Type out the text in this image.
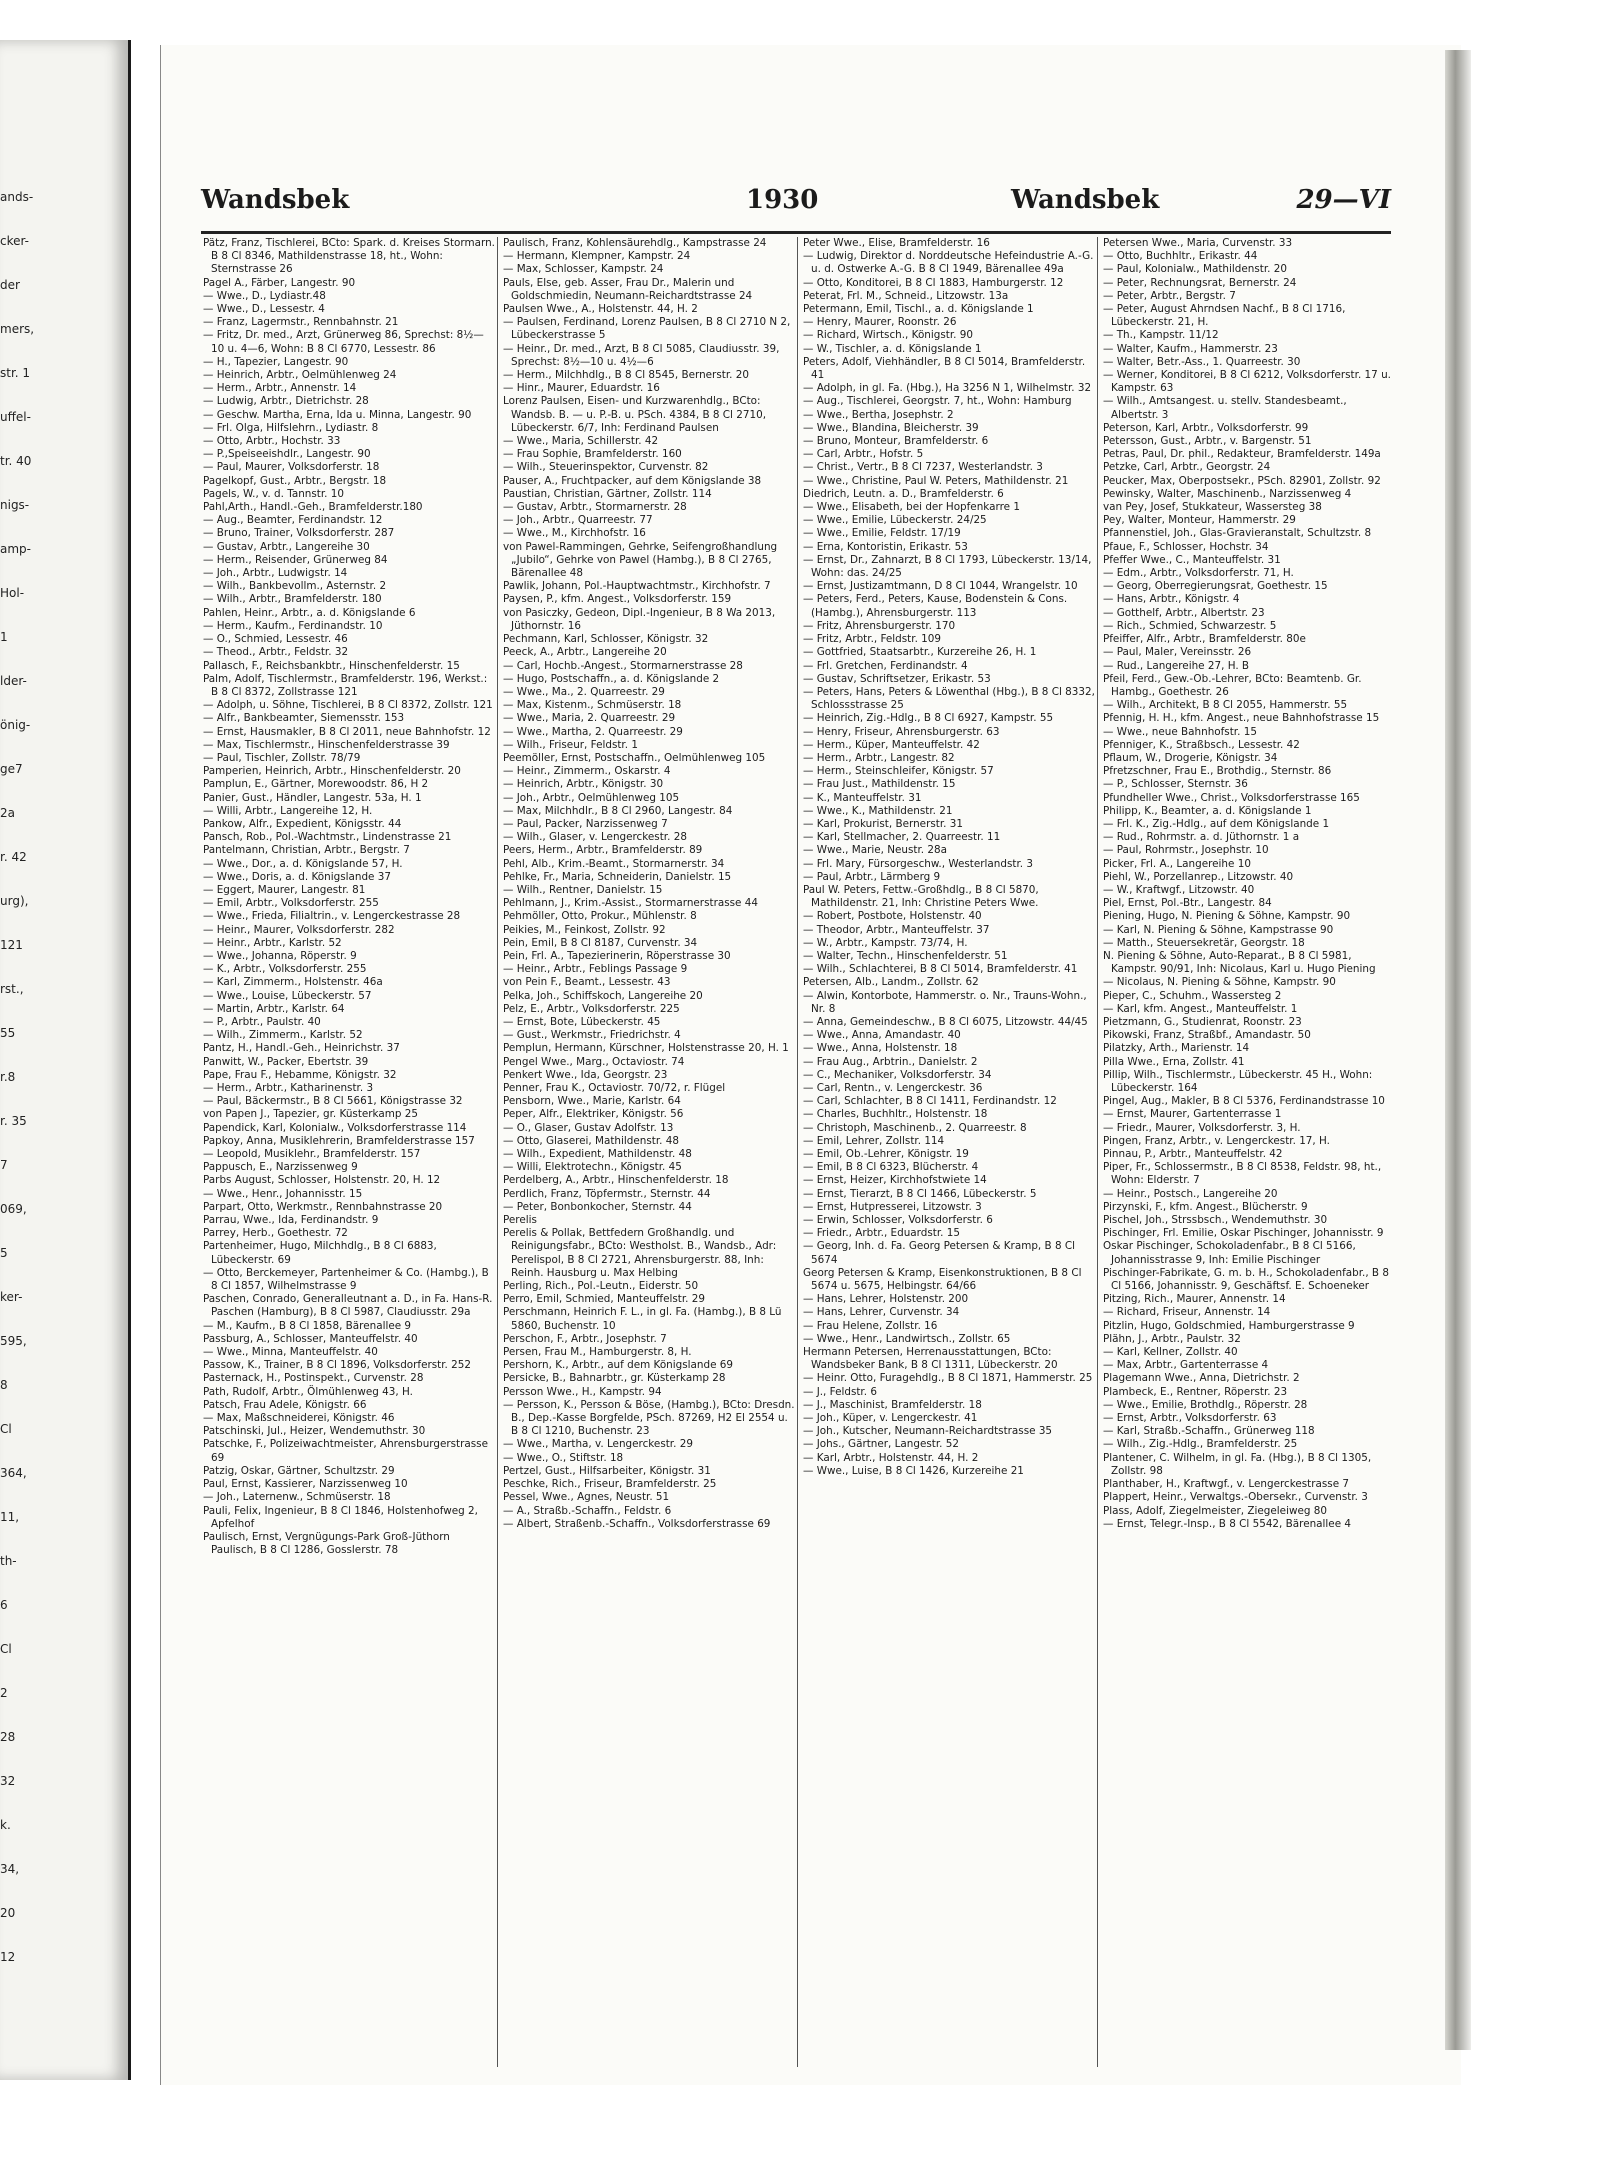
ands-
cker-
der
mers,
str. 1
uffel-
tr. 40
nigs-
amp-
Hol-
1
lder-
önig-
ge7
2a
r. 42
urg),
121
rst.,
55
r.8
r. 35
7
069,
5
ker-
595,
8
Cl
364,
11,
th-
6
Cl
2
28
32
k.
34,
20
12
Wandsbek	1930	Wandsbek	29—VI

Pätz, Franz, Tischlerei, BCto: Spark. d. Kreises Stormarn. B 8 Cl 8346, Mathildenstrasse 18, ht., Wohn: Sternstrasse 26

Pagel A., Färber, Langestr. 90

— Wwe., D., Lydiastr.48

— Wwe., D., Lessestr. 4

— Franz, Lagermstr., Rennbahnstr. 21

— Fritz, Dr. med., Arzt, Grünerweg 86, Sprechst: 8½—10 u. 4—6, Wohn: B 8 Cl 6770, Lessestr. 86

— H., Tapezier, Langestr. 90

— Heinrich, Arbtr., Oelmühlenweg 24

— Herm., Arbtr., Annenstr. 14

— Ludwig, Arbtr., Dietrichstr. 28

— Geschw. Martha, Erna, Ida u. Minna, Langestr. 90

— Frl. Olga, Hilfslehrn., Lydiastr. 8

— Otto, Arbtr., Hochstr. 33

— P.,Speiseeishdlr., Langestr. 90

— Paul, Maurer, Volksdorferstr. 18

Pagelkopf, Gust., Arbtr., Bergstr. 18

Pagels, W., v. d. Tannstr. 10

Pahl,Arth., Handl.-Geh., Bramfelderstr.180

— Aug., Beamter, Ferdinandstr. 12

— Bruno, Trainer, Volksdorferstr. 287

— Gustav, Arbtr., Langereihe 30

— Herm., Reisender, Grünerweg 84

— Joh., Arbtr., Ludwigstr. 14

— Wilh., Bankbevollm., Asternstr. 2

— Wilh., Arbtr., Bramfelderstr. 180

Pahlen, Heinr., Arbtr., a. d. Königslande 6

— Herm., Kaufm., Ferdinandstr. 10

— O., Schmied, Lessestr. 46

— Theod., Arbtr., Feldstr. 32

Pallasch, F., Reichsbankbtr., Hinschenfelderstr. 15

Palm, Adolf, Tischlermstr., Bramfelderstr. 196, Werkst.: B 8 Cl 8372, Zollstrasse 121

— Adolph, u. Söhne, Tischlerei, B 8 Cl 8372, Zollstr. 121

— Alfr., Bankbeamter, Siemensstr. 153

— Ernst, Hausmakler, B 8 Cl 2011, neue Bahnhofstr. 12

— Max, Tischlermstr., Hinschenfelderstrasse 39

— Paul, Tischler, Zollstr. 78/79

Pamperien, Heinrich, Arbtr., Hinschenfelderstr. 20

Pamplun, E., Gärtner, Morewoodstr. 86, H 2

Panier, Gust., Händler, Langestr. 53a, H. 1

— Willi, Arbtr., Langereihe 12, H.

Pankow, Alfr., Expedient, Königsstr. 44

Pansch, Rob., Pol.-Wachtmstr., Lindenstrasse 21

Pantelmann, Christian, Arbtr., Bergstr. 7

— Wwe., Dor., a. d. Königslande 57, H.

— Wwe., Doris, a. d. Königslande 37

— Eggert, Maurer, Langestr. 81

— Emil, Arbtr., Volksdorferstr. 255

— Wwe., Frieda, Filialtrin., v. Lengerckestrasse 28

— Heinr., Maurer, Volksdorferstr. 282

— Heinr., Arbtr., Karlstr. 52

— Wwe., Johanna, Röperstr. 9

— K., Arbtr., Volksdorferstr. 255

— Karl, Zimmerm., Holstenstr. 46a

— Wwe., Louise, Lübeckerstr. 57

— Martin, Arbtr., Karlstr. 64

— P., Arbtr., Paulstr. 40

— Wilh., Zimmerm., Karlstr. 52

Pantz, H., Handl.-Geh., Heinrichstr. 37

Panwitt, W., Packer, Ebertstr. 39

Pape, Frau F., Hebamme, Königstr. 32

— Herm., Arbtr., Katharinenstr. 3

— Paul, Bäckermstr., B 8 Cl 5661, Königstrasse 32

von Papen J., Tapezier, gr. Küsterkamp 25

Papendick, Karl, Kolonialw., Volksdorferstrasse 114

Papkoy, Anna, Musiklehrerin, Bramfelderstrasse 157

— Leopold, Musiklehr., Bramfelderstr. 157

Pappusch, E., Narzissenweg 9

Parbs August, Schlosser, Holstenstr. 20, H. 12

— Wwe., Henr., Johannisstr. 15

Parpart, Otto, Werkmstr., Rennbahnstrasse 20

Parrau, Wwe., Ida, Ferdinandstr. 9

Parrey, Herb., Goethestr. 72

Partenheimer, Hugo, Milchhdlg., B 8 Cl 6883, Lübeckerstr. 69

— Otto, Berckemeyer, Partenheimer & Co. (Hambg.), B 8 Cl 1857, Wilhelmstrasse 9

Paschen, Conrado, Generalleutnant a. D., in Fa. Hans-R. Paschen (Hamburg), B 8 Cl 5987, Claudiusstr. 29a

— M., Kaufm., B 8 Cl 1858, Bärenallee 9

Passburg, A., Schlosser, Manteuffelstr. 40

— Wwe., Minna, Manteuffelstr. 40

Passow, K., Trainer, B 8 Cl 1896, Volksdorferstr. 252

Pasternack, H., Postinspekt., Curvenstr. 28

Path, Rudolf, Arbtr., Ölmühlenweg 43, H.

Patsch, Frau Adele, Königstr. 66

— Max, Maßschneiderei, Königstr. 46

Patschinski, Jul., Heizer, Wendemuthstr. 30

Patschke, F., Polizeiwachtmeister, Ahrensburgerstrasse 69

Patzig, Oskar, Gärtner, Schultzstr. 29

Paul, Ernst, Kassierer, Narzissenweg 10

— Joh., Laternenw., Schmüserstr. 18

Pauli, Felix, Ingenieur, B 8 Cl 1846, Holstenhofweg 2, Apfelhof

Paulisch, Ernst, Vergnügungs-Park Groß-Jüthorn Paulisch, B 8 Cl 1286, Gosslerstr. 78

Paulisch, Franz, Kohlensäurehdlg., Kampstrasse 24

— Hermann, Klempner, Kampstr. 24

— Max, Schlosser, Kampstr. 24

Pauls, Else, geb. Asser, Frau Dr., Malerin und Goldschmiedin, Neumann-Reichardtstrasse 24

Paulsen Wwe., A., Holstenstr. 44, H. 2

— Paulsen, Ferdinand, Lorenz Paulsen, B 8 Cl 2710 N 2, Lübeckerstrasse 5

— Heinr., Dr. med., Arzt, B 8 Cl 5085, Claudiusstr. 39, Sprechst: 8½—10 u. 4½—6

— Herm., Milchhdlg., B 8 Cl 8545, Bernerstr. 20

— Hinr., Maurer, Eduardstr. 16

Lorenz Paulsen, Eisen- und Kurzwarenhdlg., BCto: Wandsb. B. — u. P.-B. u. PSch. 4384, B 8 Cl 2710, Lübeckerstr. 6/7, Inh: Ferdinand Paulsen

— Wwe., Maria, Schillerstr. 42

— Frau Sophie, Bramfelderstr. 160

— Wilh., Steuerinspektor, Curvenstr. 82

Pauser, A., Fruchtpacker, auf dem Königslande 38

Paustian, Christian, Gärtner, Zollstr. 114

— Gustav, Arbtr., Stormarnerstr. 28

— Joh., Arbtr., Quarreestr. 77

— Wwe., M., Kirchhofstr. 16

von Pawel-Rammingen, Gehrke, Seifengroßhandlung „Jubilo“, Gehrke von Pawel (Hambg.), B 8 Cl 2765, Bärenallee 48

Pawlik, Johann, Pol.-Hauptwachtmstr., Kirchhofstr. 7

Paysen, P., kfm. Angest., Volksdorferstr. 159

von Pasiczky, Gedeon, Dipl.-Ingenieur, B 8 Wa 2013, Jüthornstr. 16

Pechmann, Karl, Schlosser, Königstr. 32

Peeck, A., Arbtr., Langereihe 20

— Carl, Hochb.-Angest., Stormarnerstrasse 28

— Hugo, Postschaffn., a. d. Königslande 2

— Wwe., Ma., 2. Quarreestr. 29

— Max, Kistenm., Schmüserstr. 18

— Wwe., Maria, 2. Quarreestr. 29

— Wwe., Martha, 2. Quarreestr. 29

— Wilh., Friseur, Feldstr. 1

Peemöller, Ernst, Postschaffn., Oelmühlenweg 105

— Heinr., Zimmerm., Oskarstr. 4

— Heinrich, Arbtr., Königstr. 30

— Joh., Arbtr., Oelmühlenweg 105

— Max, Milchhdlr., B 8 Cl 2960, Langestr. 84

— Paul, Packer, Narzissenweg 7

— Wilh., Glaser, v. Lengerckestr. 28

Peers, Herm., Arbtr., Bramfelderstr. 89

Pehl, Alb., Krim.-Beamt., Stormarnerstr. 34

Pehlke, Fr., Maria, Schneiderin, Danielstr. 15

— Wilh., Rentner, Danielstr. 15

Pehlmann, J., Krim.-Assist., Stormarnerstrasse 44

Pehmöller, Otto, Prokur., Mühlenstr. 8

Peikies, M., Feinkost, Zollstr. 92

Pein, Emil, B 8 Cl 8187, Curvenstr. 34

Pein, Frl. A., Tapezierinerin, Röperstrasse 30

— Heinr., Arbtr., Feblings Passage 9

von Pein F., Beamt., Lessestr. 43

Pelka, Joh., Schiffskoch, Langereihe 20

Pelz, E., Arbtr., Volksdorferstr. 225

— Ernst, Bote, Lübeckerstr. 45

— Gust., Werkmstr., Friedrichstr. 4

Pemplun, Hermann, Kürschner, Holstenstrasse 20, H. 1

Pengel Wwe., Marg., Octaviostr. 74

Penkert Wwe., Ida, Georgstr. 23

Penner, Frau K., Octaviostr. 70/72, r. Flügel

Pensborn, Wwe., Marie, Karlstr. 64

Peper, Alfr., Elektriker, Königstr. 56

— O., Glaser, Gustav Adolfstr. 13

— Otto, Glaserei, Mathildenstr. 48

— Wilh., Expedient, Mathildenstr. 48

— Willi, Elektrotechn., Königstr. 45

Perdelberg, A., Arbtr., Hinschenfelderstr. 18

Perdlich, Franz, Töpfermstr., Sternstr. 44

— Peter, Bonbonkocher, Sternstr. 44

Perelis

Perelis & Pollak, Bettfedern Großhandlg. und Reinigungsfabr., BCto: Westholst. B., Wandsb., Adr: Perelispol, B 8 Cl 2721, Ahrensburgerstr. 88, Inh: Reinh. Hausburg u. Max Helbing

Perling, Rich., Pol.-Leutn., Eiderstr. 50

Perro, Emil, Schmied, Manteuffelstr. 29

Perschmann, Heinrich F. L., in gl. Fa. (Hambg.), B 8 Lü 5860, Buchenstr. 10

Perschon, F., Arbtr., Josephstr. 7

Persen, Frau M., Hamburgerstr. 8, H.

Pershorn, K., Arbtr., auf dem Königslande 69

Persicke, B., Bahnarbtr., gr. Küsterkamp 28

Persson Wwe., H., Kampstr. 94

— Persson, K., Persson & Böse, (Hambg.), BCto: Dresdn. B., Dep.-Kasse Borgfelde, PSch. 87269, H2 El 2554 u. B 8 Cl 1210, Buchenstr. 23

— Wwe., Martha, v. Lengerckestr. 29

— Wwe., O., Stiftstr. 18

Pertzel, Gust., Hilfsarbeiter, Königstr. 31

Peschke, Rich., Friseur, Bramfelderstr. 25

Pessel, Wwe., Agnes, Neustr. 51

— A., Straßb.-Schaffn., Feldstr. 6

— Albert, Straßenb.-Schaffn., Volksdorferstrasse 69

Peter Wwe., Elise, Bramfelderstr. 16

— Ludwig, Direktor d. Norddeutsche Hefeindustrie A.-G. u. d. Ostwerke A.-G. B 8 Cl 1949, Bärenallee 49a

— Otto, Konditorei, B 8 Cl 1883, Hamburgerstr. 12

Peterat, Frl. M., Schneid., Litzowstr. 13a

Petermann, Emil, Tischl., a. d. Königslande 1

— Henry, Maurer, Roonstr. 26

— Richard, Wirtsch., Königstr. 90

— W., Tischler, a. d. Königslande 1

Peters, Adolf, Viehhändler, B 8 Cl 5014, Bramfelderstr. 41

— Adolph, in gl. Fa. (Hbg.), Ha 3256 N 1, Wilhelmstr. 32

— Aug., Tischlerei, Georgstr. 7, ht., Wohn: Hamburg

— Wwe., Bertha, Josephstr. 2

— Wwe., Blandina, Bleicherstr. 39

— Bruno, Monteur, Bramfelderstr. 6

— Carl, Arbtr., Hofstr. 5

— Christ., Vertr., B 8 Cl 7237, Westerlandstr. 3

— Wwe., Christine, Paul W. Peters, Mathildenstr. 21

Diedrich, Leutn. a. D., Bramfelderstr. 6

— Wwe., Elisabeth, bei der Hopfenkarre 1

— Wwe., Emilie, Lübeckerstr. 24/25

— Wwe., Emilie, Feldstr. 17/19

— Erna, Kontoristin, Erikastr. 53

— Ernst, Dr., Zahnarzt, B 8 Cl 1793, Lübeckerstr. 13/14, Wohn: das. 24/25

— Ernst, Justizamtmann, D 8 Cl 1044, Wrangelstr. 10

— Peters, Ferd., Peters, Kause, Bodenstein & Cons. (Hambg.), Ahrensburgerstr. 113

— Fritz, Ahrensburgerstr. 170

— Fritz, Arbtr., Feldstr. 109

— Gottfried, Staatsarbtr., Kurzereihe 26, H. 1

— Frl. Gretchen, Ferdinandstr. 4

— Gustav, Schriftsetzer, Erikastr. 53

— Peters, Hans, Peters & Löwenthal (Hbg.), B 8 Cl 8332, Schlossstrasse 25

— Heinrich, Zig.-Hdlg., B 8 Cl 6927, Kampstr. 55

— Henry, Friseur, Ahrensburgerstr. 63

— Herm., Küper, Manteuffelstr. 42

— Herm., Arbtr., Langestr. 82

— Herm., Steinschleifer, Königstr. 57

— Frau Just., Mathildenstr. 15

— K., Manteuffelstr. 31

— Wwe., K., Mathildenstr. 21

— Karl, Prokurist, Bernerstr. 31

— Karl, Stellmacher, 2. Quarreestr. 11

— Wwe., Marie, Neustr. 28a

— Frl. Mary, Fürsorgeschw., Westerlandstr. 3

— Paul, Arbtr., Lärmberg 9

Paul W. Peters, Fettw.-Großhdlg., B 8 Cl 5870, Mathildenstr. 21, Inh: Christine Peters Wwe.

— Robert, Postbote, Holstenstr. 40

— Theodor, Arbtr., Manteuffelstr. 37

— W., Arbtr., Kampstr. 73/74, H.

— Walter, Techn., Hinschenfelderstr. 51

— Wilh., Schlachterei, B 8 Cl 5014, Bramfelderstr. 41

Petersen, Alb., Landm., Zollstr. 62

— Alwin, Kontorbote, Hammerstr. o. Nr., Trauns-Wohn., Nr. 8

— Anna, Gemeindeschw., B 8 Cl 6075, Litzowstr. 44/45

— Wwe., Anna, Amandastr. 40

— Wwe., Anna, Holstenstr. 18

— Frau Aug., Arbtrin., Danielstr. 2

— C., Mechaniker, Volksdorferstr. 34

— Carl, Rentn., v. Lengerckestr. 36

— Carl, Schlachter, B 8 Cl 1411, Ferdinandstr. 12

— Charles, Buchhltr., Holstenstr. 18

— Christoph, Maschinenb., 2. Quarreestr. 8

— Emil, Lehrer, Zollstr. 114

— Emil, Ob.-Lehrer, Königstr. 19

— Emil, B 8 Cl 6323, Blücherstr. 4

— Ernst, Heizer, Kirchhofstwiete 14

— Ernst, Tierarzt, B 8 Cl 1466, Lübeckerstr. 5

— Ernst, Hutpresserei, Litzowstr. 3

— Erwin, Schlosser, Volksdorferstr. 6

— Friedr., Arbtr., Eduardstr. 15

— Georg, Inh. d. Fa. Georg Petersen & Kramp, B 8 Cl 5674

Georg Petersen & Kramp, Eisenkonstruktionen, B 8 Cl 5674 u. 5675, Helbingstr. 64/66

— Hans, Lehrer, Holstenstr. 200

— Hans, Lehrer, Curvenstr. 34

— Frau Helene, Zollstr. 16

— Wwe., Henr., Landwirtsch., Zollstr. 65

Hermann Petersen, Herrenausstattungen, BCto: Wandsbeker Bank, B 8 Cl 1311, Lübeckerstr. 20

— Heinr. Otto, Furagehdlg., B 8 Cl 1871, Hammerstr. 25

— J., Feldstr. 6

— J., Maschinist, Bramfelderstr. 18

— Joh., Küper, v. Lengerckestr. 41

— Joh., Kutscher, Neumann-Reichardtstrasse 35

— Johs., Gärtner, Langestr. 52

— Karl, Arbtr., Holstenstr. 44, H. 2

— Wwe., Luise, B 8 Cl 1426, Kurzereihe 21

Petersen Wwe., Maria, Curvenstr. 33

— Otto, Buchhltr., Erikastr. 44

— Paul, Kolonialw., Mathildenstr. 20

— Peter, Rechnungsrat, Bernerstr. 24

— Peter, Arbtr., Bergstr. 7

— Peter, August Ahrndsen Nachf., B 8 Cl 1716, Lübeckerstr. 21, H.

— Th., Kampstr. 11/12

— Walter, Kaufm., Hammerstr. 23

— Walter, Betr.-Ass., 1. Quarreestr. 30

— Werner, Konditorei, B 8 Cl 6212, Volksdorferstr. 17 u. Kampstr. 63

— Wilh., Amtsangest. u. stellv. Standesbeamt., Albertstr. 3

Peterson, Karl, Arbtr., Volksdorferstr. 99

Petersson, Gust., Arbtr., v. Bargenstr. 51

Petras, Paul, Dr. phil., Redakteur, Bramfelderstr. 149a

Petzke, Carl, Arbtr., Georgstr. 24

Peucker, Max, Oberpostsekr., PSch. 82901, Zollstr. 92

Pewinsky, Walter, Maschinenb., Narzissenweg 4

van Pey, Josef, Stukkateur, Wassersteg 38

Pey, Walter, Monteur, Hammerstr. 29

Pfannenstiel, Joh., Glas-Gravieranstalt, Schultzstr. 8

Pfaue, F., Schlosser, Hochstr. 34

Pfeffer Wwe., C., Manteuffelstr. 31

— Edm., Arbtr., Volksdorferstr. 71, H.

— Georg, Oberregierungsrat, Goethestr. 15

— Hans, Arbtr., Königstr. 4

— Gotthelf, Arbtr., Albertstr. 23

— Rich., Schmied, Schwarzestr. 5

Pfeiffer, Alfr., Arbtr., Bramfelderstr. 80e

— Paul, Maler, Vereinsstr. 26

— Rud., Langereihe 27, H. B

Pfeil, Ferd., Gew.-Ob.-Lehrer, BCto: Beamtenb. Gr. Hambg., Goethestr. 26

— Wilh., Architekt, B 8 Cl 2055, Hammerstr. 55

Pfennig, H. H., kfm. Angest., neue Bahnhofstrasse 15

— Wwe., neue Bahnhofstr. 15

Pfenniger, K., Straßbsch., Lessestr. 42

Pflaum, W., Drogerie, Königstr. 34

Pfretzschner, Frau E., Brothdig., Sternstr. 86

— P., Schlosser, Sternstr. 36

Pfundheller Wwe., Christ., Volksdorferstrasse 165

Philipp, K., Beamter, a. d. Königslande 1

— Frl. K., Zig.-Hdlg., auf dem Königslande 1

— Rud., Rohrmstr. a. d. Jüthornstr. 1 a

— Paul, Rohrmstr., Josephstr. 10

Picker, Frl. A., Langereihe 10

Piehl, W., Porzellanrep., Litzowstr. 40

— W., Kraftwgf., Litzowstr. 40

Piel, Ernst, Pol.-Btr., Langestr. 84

Piening, Hugo, N. Piening & Söhne, Kampstr. 90

— Karl, N. Piening & Söhne, Kampstrasse 90

— Matth., Steuersekretär, Georgstr. 18

N. Piening & Söhne, Auto-Reparat., B 8 Cl 5981, Kampstr. 90/91, Inh: Nicolaus, Karl u. Hugo Piening

— Nicolaus, N. Piening & Söhne, Kampstr. 90

Pieper, C., Schuhm., Wassersteg 2

— Karl, kfm. Angest., Manteuffelstr. 1

Pietzmann, G., Studienrat, Roonstr. 23

Pikowski, Franz, Straßbf., Amandastr. 50

Pilatzky, Arth., Marienstr. 14

Pilla Wwe., Erna, Zollstr. 41

Pillip, Wilh., Tischlermstr., Lübeckerstr. 45 H., Wohn: Lübeckerstr. 164

Pingel, Aug., Makler, B 8 Cl 5376, Ferdinandstrasse 10

— Ernst, Maurer, Gartenterrasse 1

— Friedr., Maurer, Volksdorferstr. 3, H.

Pingen, Franz, Arbtr., v. Lengerckestr. 17, H.

Pinnau, P., Arbtr., Manteuffelstr. 42

Piper, Fr., Schlossermstr., B 8 Cl 8538, Feldstr. 98, ht., Wohn: Elderstr. 7

— Heinr., Postsch., Langereihe 20

Pirzynski, F., kfm. Angest., Blücherstr. 9

Pischel, Joh., Strssbsch., Wendemuthstr. 30

Pischinger, Frl. Emilie, Oskar Pischinger, Johannisstr. 9

Oskar Pischinger, Schokoladenfabr., B 8 Cl 5166, Johannisstrasse 9, Inh: Emilie Pischinger

Pischinger-Fabrikate, G. m. b. H., Schokoladenfabr., B 8 Cl 5166, Johannisstr. 9, Geschäftsf. E. Schoeneker

Pitzing, Rich., Maurer, Annenstr. 14

— Richard, Friseur, Annenstr. 14

Pitzlin, Hugo, Goldschmied, Hamburgerstrasse 9

Plähn, J., Arbtr., Paulstr. 32

— Karl, Kellner, Zollstr. 40

— Max, Arbtr., Gartenterrasse 4

Plagemann Wwe., Anna, Dietrichstr. 2

Plambeck, E., Rentner, Röperstr. 23

— Wwe., Emilie, Brothdlg., Röperstr. 28

— Ernst, Arbtr., Volksdorferstr. 63

— Karl, Straßb.-Schaffn., Grünerweg 118

— Wilh., Zig.-Hdlg., Bramfelderstr. 25

Plantener, C. Wilhelm, in gl. Fa. (Hbg.), B 8 Cl 1305, Zollstr. 98

Planthaber, H., Kraftwgf., v. Lengerckestrasse 7

Plappert, Heinr., Verwaltgs.-Obersekr., Curvenstr. 3

Plass, Adolf, Ziegelmeister, Ziegeleiweg 80

— Ernst, Telegr.-Insp., B 8 Cl 5542, Bärenallee 4
